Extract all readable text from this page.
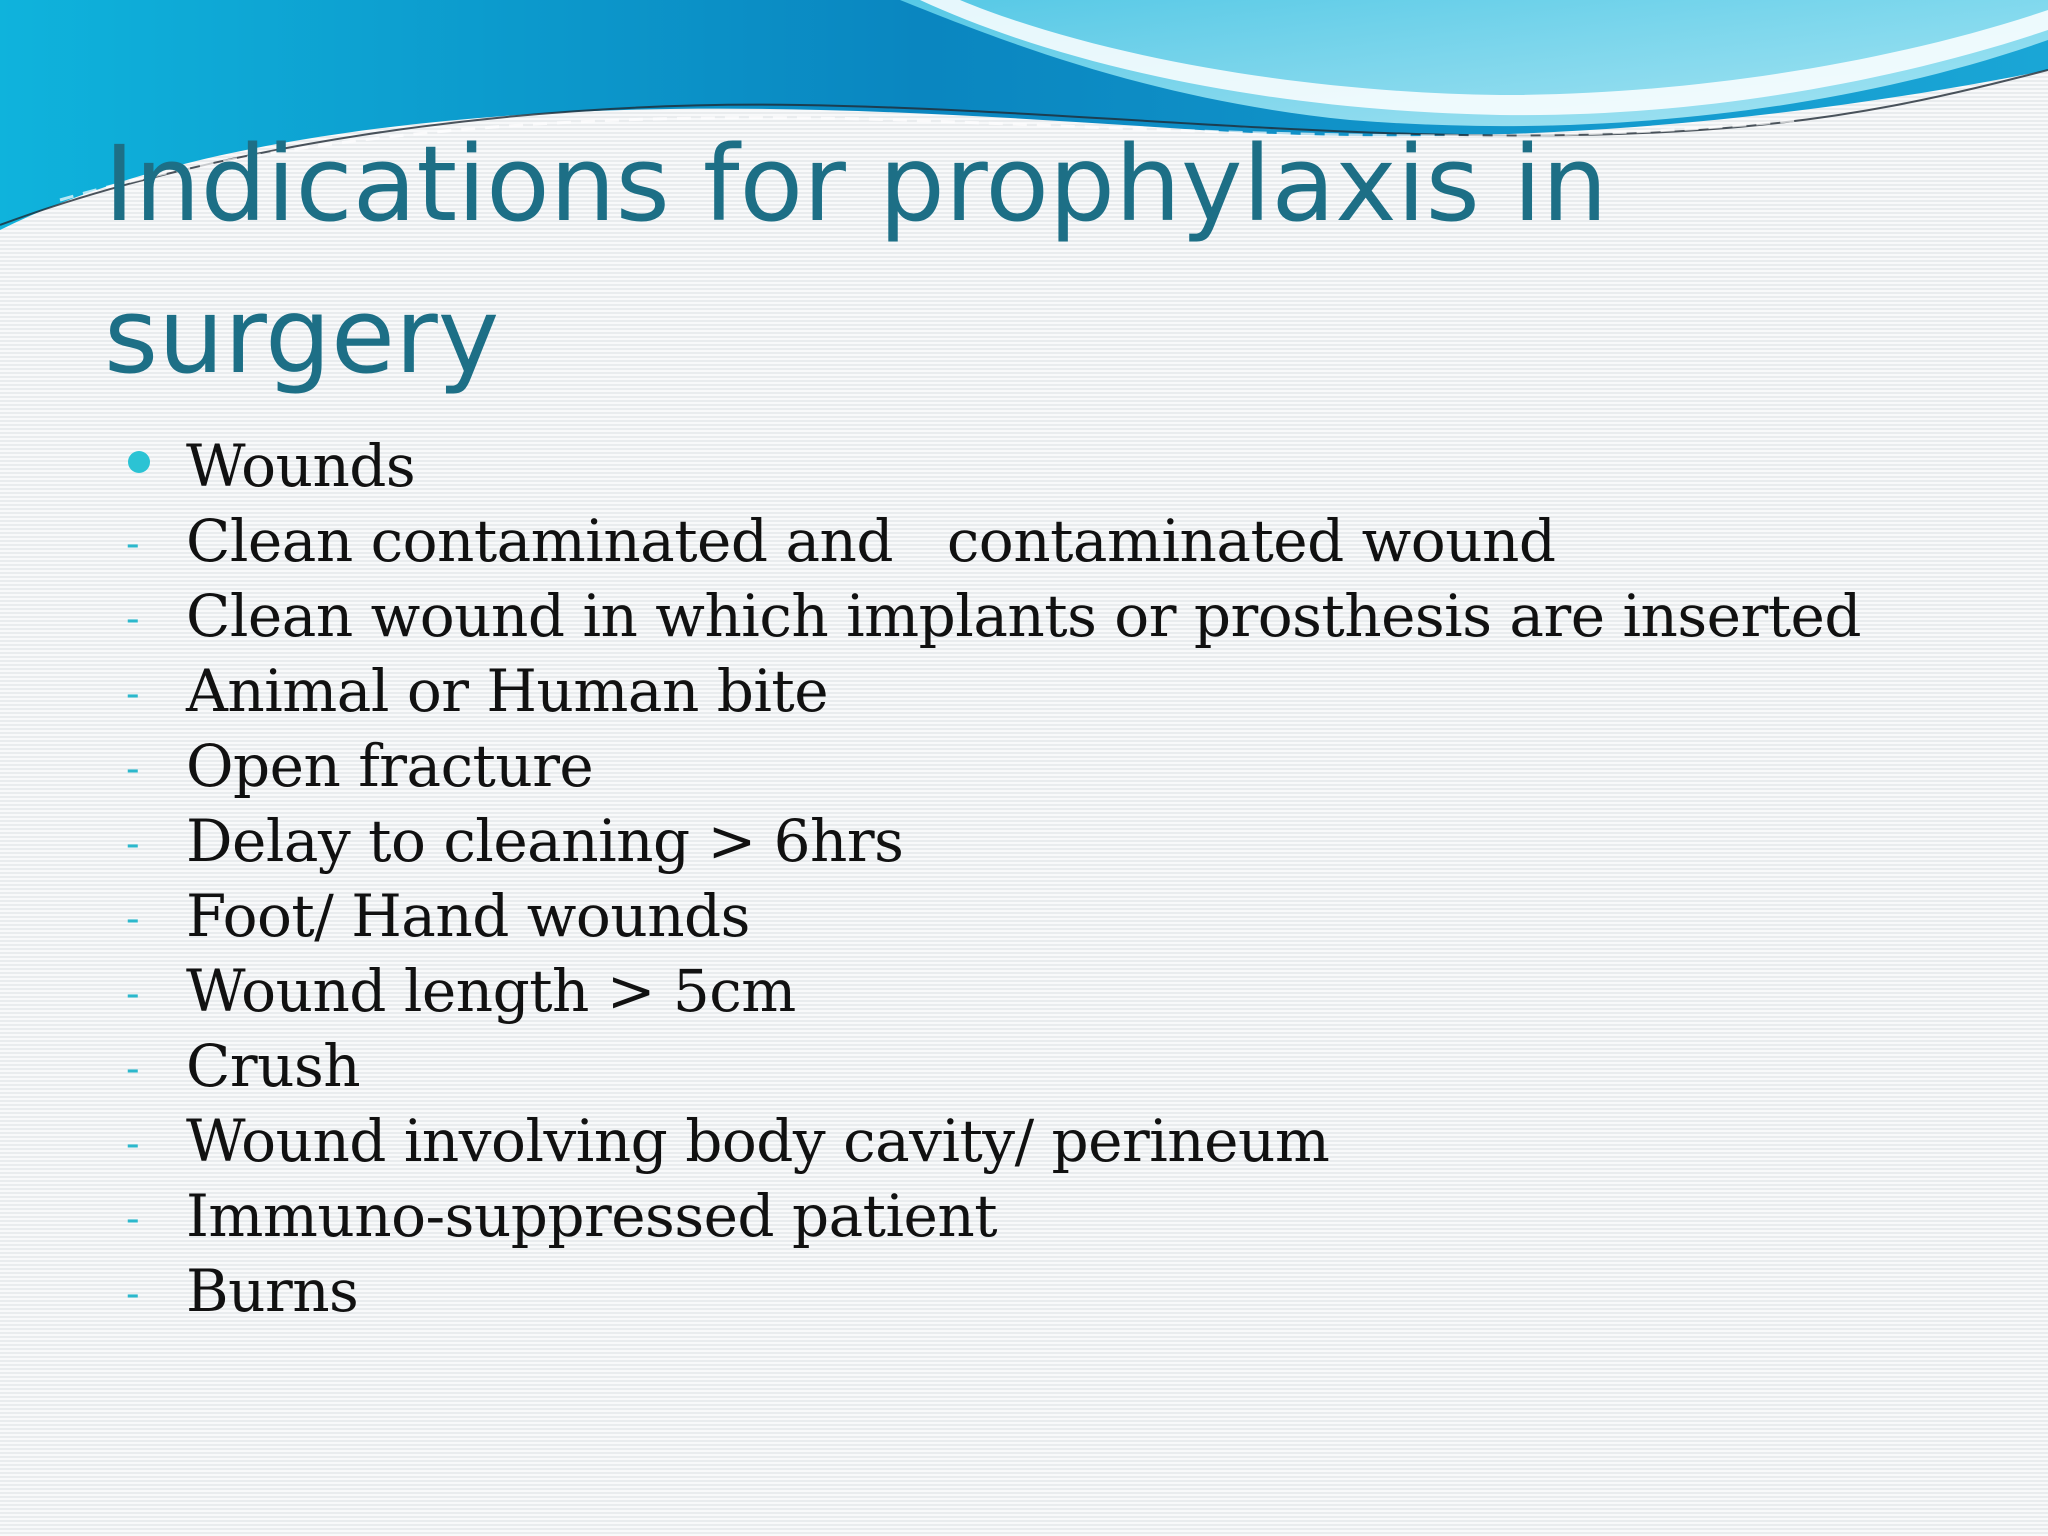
Indications for prophylaxis in surgery
Wounds
- Clean contaminated and   contaminated wound
- Clean wound in which implants or prosthesis are inserted
- Animal or Human bite
- Open fracture
- Delay to cleaning > 6hrs
- Foot/ Hand wounds
- Wound length > 5cm
- Crush
- Wound involving body cavity/ perineum
- Immuno-suppressed patient
- Burns
